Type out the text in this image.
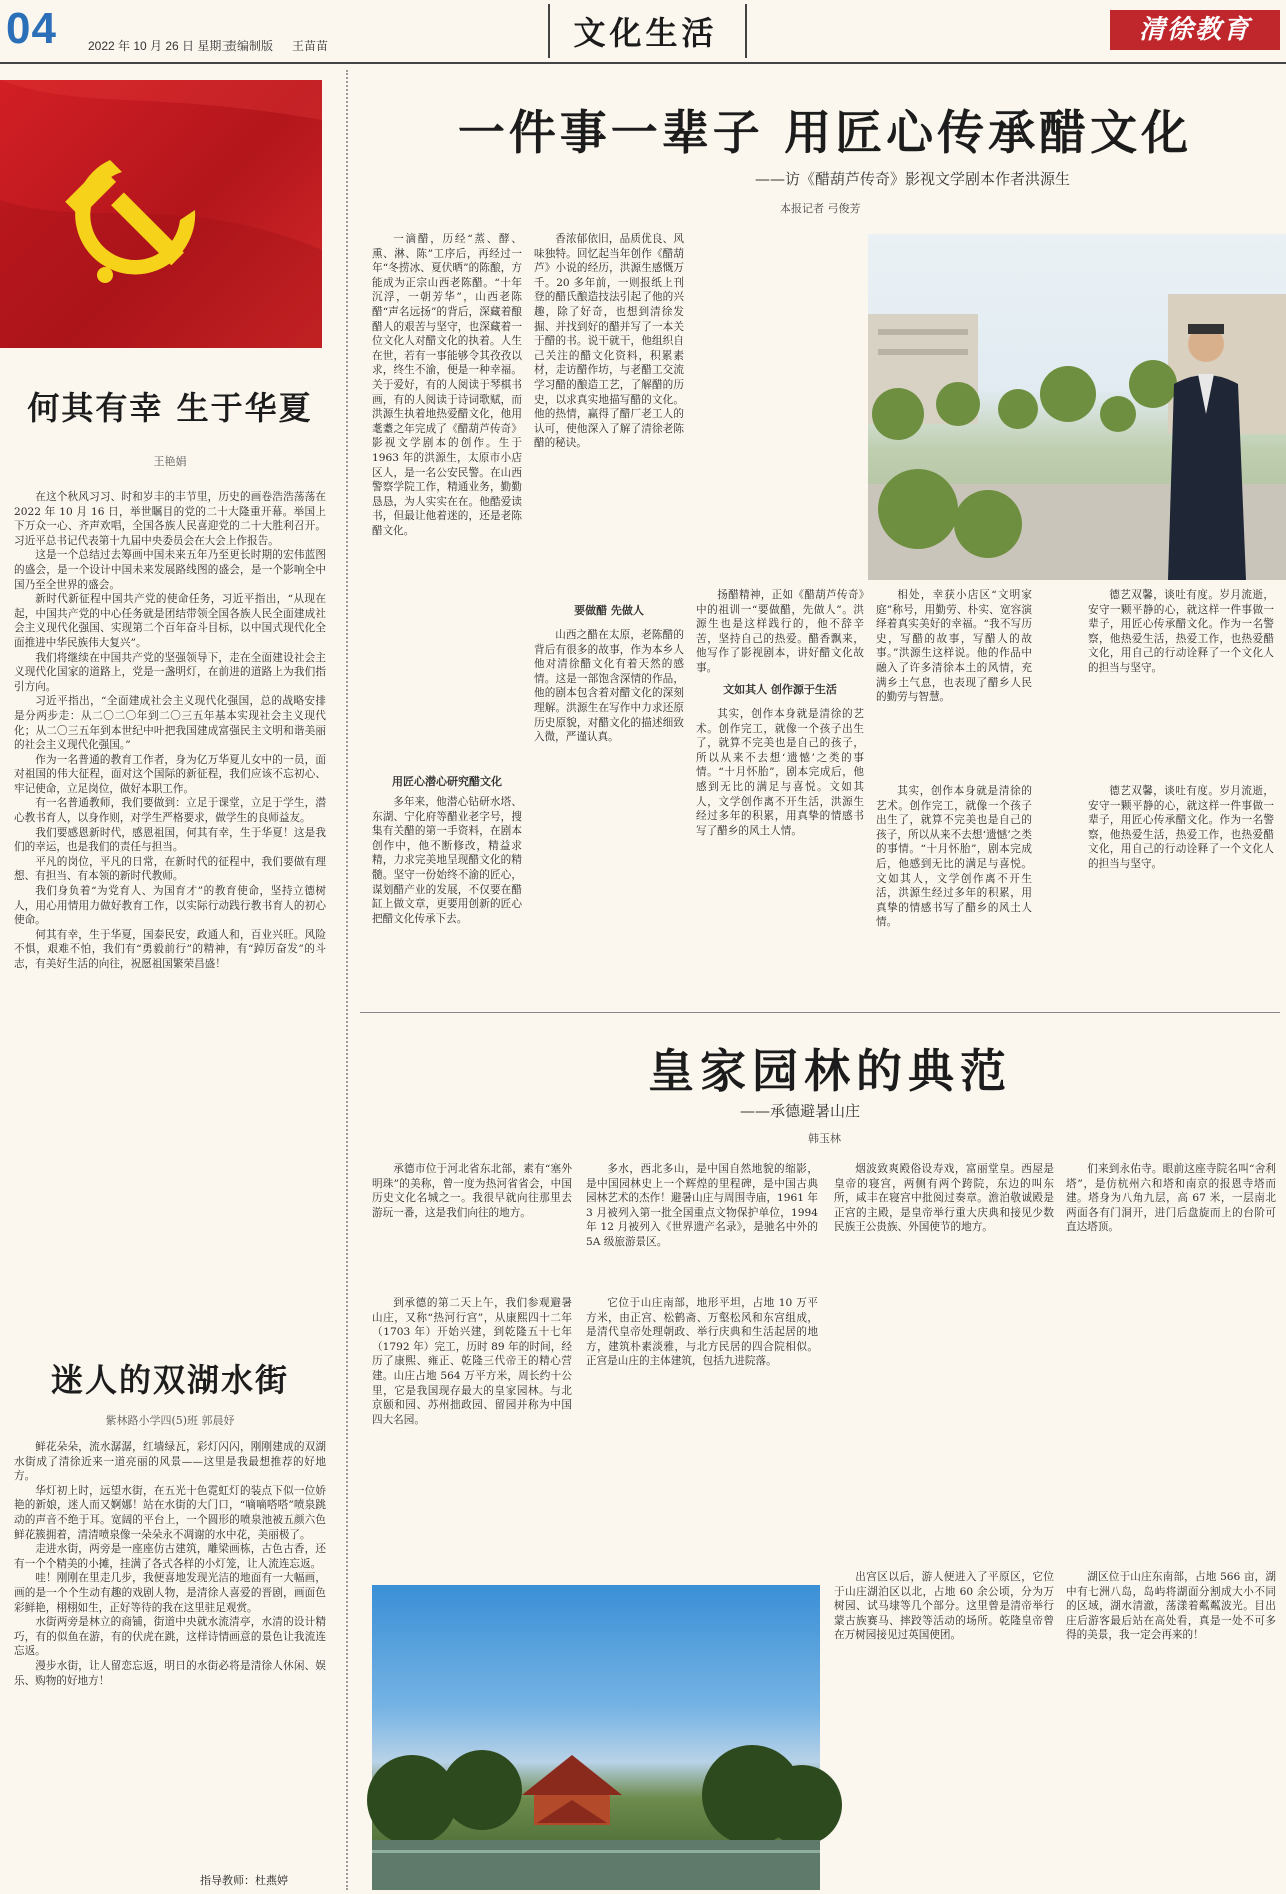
04	2022 年 10 月 26 日 星期三
责编制版 王苗苗	文化生活	清徐教育
何其有幸 生于华夏
王艳娟

在这个秋风习习、时和岁丰的丰节里，历史的画卷浩浩荡荡在 2022 年 10 月 16 日，举世瞩目的党的二十大隆重开幕。举国上下万众一心、齐声欢唱，全国各族人民喜迎党的二十大胜利召开。习近平总书记代表第十九届中央委员会在大会上作报告。

这是一个总结过去筹画中国未来五年乃至更长时期的宏伟蓝图的盛会，是一个设计中国未来发展路线图的盛会，是一个影响全中国乃至全世界的盛会。

新时代新征程中国共产党的使命任务，习近平指出，“从现在起，中国共产党的中心任务就是团结带领全国各族人民全面建成社会主义现代化强国、实现第二个百年奋斗目标，以中国式现代化全面推进中华民族伟大复兴”。

我们将继续在中国共产党的坚强领导下，走在全面建设社会主义现代化国家的道路上，党是一盏明灯，在前进的道路上为我们指引方向。

习近平指出，“全面建成社会主义现代化强国，总的战略安排是分两步走：从二〇二〇年到二〇三五年基本实现社会主义现代化；从二〇三五年到本世纪中叶把我国建成富强民主文明和谐美丽的社会主义现代化强国。”

作为一名普通的教育工作者，身为亿万华夏儿女中的一员，面对祖国的伟大征程，面对这个国际的新征程，我们应该不忘初心、牢记使命，立足岗位，做好本职工作。

有一名普通教师，我们要做到：立足于课堂，立足于学生，潜心教书育人，以身作则，对学生严格要求，做学生的良师益友。

我们要感恩新时代，感恩祖国，何其有幸，生于华夏！这是我们的幸运，也是我们的责任与担当。

平凡的岗位，平凡的日常，在新时代的征程中，我们要做有理想、有担当、有本领的新时代教师。

我们身负着“为党育人、为国育才”的教育使命，坚持立德树人，用心用情用力做好教育工作，以实际行动践行教书育人的初心使命。

何其有幸，生于华夏，国泰民安，政通人和，百业兴旺。风险不惧，艰难不怕，我们有“勇毅前行”的精神，有“踔厉奋发”的斗志，有美好生活的向往，祝愿祖国繁荣昌盛！

迷人的双湖水街
紫林路小学四(5)班 郭晨妤

鲜花朵朵，流水潺潺，红墙绿瓦，彩灯闪闪，刚刚建成的双湖水街成了清徐近来一道亮丽的风景——这里是我最想推荐的好地方。

华灯初上时，远望水街，在五光十色霓虹灯的装点下似一位娇艳的新娘，迷人而又婀娜！站在水街的大门口，“嘀嘀嗒嗒”喷泉跳动的声音不绝于耳。宽阔的平台上，一个圆形的喷泉池被五颜六色鲜花簇拥着，清清喷泉像一朵朵永不凋谢的水中花，美丽极了。

走进水街，两旁是一座座仿古建筑，雕梁画栋，古色古香，还有一个个精美的小摊，挂满了各式各样的小灯笼，让人流连忘返。

哇！刚刚在里走几步，我便喜地发现光洁的地面有一大幅画，画的是一个个生动有趣的戏剧人物，是清徐人喜爱的晋剧，画面色彩鲜艳，栩栩如生，正好等待的我在这里驻足观赏。

水街两旁是林立的商铺，街道中央就水流清亭，水清的设计精巧，有的似鱼在游，有的伏虎在跳，这样诗情画意的景色让我流连忘返。

漫步水街，让人留恋忘返，明日的水街必将是清徐人休闲、娱乐、购物的好地方！

指导教师：杜燕婷
一件事一辈子 用匠心传承醋文化
——访《醋葫芦传奇》影视文学剧本作者洪源生
本报记者 弓俊芳

一滴醋，历经“蒸、酵、熏、淋、陈”工序后，再经过一年“冬捞冰、夏伏晒”的陈酿，方能成为正宗山西老陈醋。“十年沉浮，一朝芳华”，山西老陈醋“声名远扬”的背后，深藏着酿醋人的艰苦与坚守，也深藏着一位文化人对醋文化的执着。人生在世，若有一事能够令其孜孜以求，终生不渝，便是一种幸福。关于爱好，有的人阅读于琴棋书画，有的人阅读于诗词歌赋，而洪源生执着地热爱醋文化，他用耄耋之年完成了《醋葫芦传奇》影视文学剧本的创作。生于 1963 年的洪源生，太原市小店区人，是一名公安民警。在山西警察学院工作，精通业务，勤勤恳恳，为人实实在在。他酷爱读书，但最让他着迷的，还是老陈醋文化。

用匠心潜心研究醋文化

多年来，他潜心钻研水塔、东湖、宁化府等醋业老字号，搜集有关醋的第一手资料，在剧本创作中，他不断修改，精益求精，力求完美地呈现醋文化的精髓。坚守一份始终不渝的匠心，谋划醋产业的发展，不仅要在醋缸上做文章，更要用创新的匠心把醋文化传承下去。

香浓郁依旧，品质优良、风味独特。回忆起当年创作《醋葫芦》小说的经历，洪源生感慨万千。20 多年前，一则报纸上刊登的醋氏酿造技法引起了他的兴趣，除了好奇，也想到清徐发掘、并找到好的醋并写了一本关于醋的书。说干就干，他组织自己关注的醋文化资料，积累素材，走访醋作坊，与老醋工交流学习醋的酿造工艺，了解醋的历史，以求真实地描写醋的文化。他的热情，赢得了醋厂老工人的认可，使他深入了解了清徐老陈醋的秘诀。

要做醋 先做人

山西之醋在太原，老陈醋的背后有很多的故事，作为本乡人他对清徐醋文化有着天然的感情。这是一部饱含深情的作品，他的剧本包含着对醋文化的深刻理解。洪源生在写作中力求还原历史原貌，对醋文化的描述细致入微，严谨认真。

扬醋精神，正如《醋葫芦传奇》中的祖训一“要做醋，先做人”。洪源生也是这样践行的，他不辞辛苦，坚持自己的热爱。醋香飘来，他写作了影视剧本，讲好醋文化故事。

文如其人 创作源于生活

其实，创作本身就是清徐的艺术。创作完工，就像一个孩子出生了，就算不完美也是自己的孩子，所以从来不去想‘遗憾’之类的事情。“十月怀胎”，剧本完成后，他感到无比的满足与喜悦。文如其人，文学创作离不开生活，洪源生经过多年的积累，用真挚的情感书写了醋乡的风土人情。

相处，幸获小店区“文明家庭”称号，用勤劳、朴实、宽容演绎着真实美好的幸福。“我不写历史，写醋的故事，写醋人的故事。”洪源生这样说。他的作品中融入了许多清徐本土的风情，充满乡土气息，也表现了醋乡人民的勤劳与智慧。

德艺双馨，谈吐有度。岁月流逝，安守一颗平静的心，就这样一件事做一辈子，用匠心传承醋文化。作为一名警察，他热爱生活，热爱工作，也热爱醋文化，用自己的行动诠释了一个文化人的担当与坚守。

德艺双馨，谈吐有度。岁月流逝，安守一颗平静的心，就这样一件事做一辈子，用匠心传承醋文化。作为一名警察，他热爱生活，热爱工作，也热爱醋文化，用自己的行动诠释了一个文化人的担当与坚守。

其实，创作本身就是清徐的艺术。创作完工，就像一个孩子出生了，就算不完美也是自己的孩子，所以从来不去想‘遗憾’之类的事情。“十月怀胎”，剧本完成后，他感到无比的满足与喜悦。文如其人，文学创作离不开生活，洪源生经过多年的积累，用真挚的情感书写了醋乡的风土人情。

皇家园林的典范
——承德避暑山庄
韩玉林

承德市位于河北省东北部，素有“塞外明珠”的美称，曾一度为热河省省会，中国历史文化名城之一。我很早就向往那里去游玩一番，这是我们向往的地方。

到承德的第二天上午，我们参观避暑山庄，又称“热河行宫”，从康熙四十二年（1703 年）开始兴建，到乾隆五十七年（1792 年）完工，历时 89 年的时间，经历了康熙、雍正、乾隆三代帝王的精心营建。山庄占地 564 万平方米，周长约十公里，它是我国现存最大的皇家园林。与北京颐和园、苏州拙政园、留园并称为中国四大名园。

多水，西北多山，是中国自然地貌的缩影，是中国园林史上一个辉煌的里程碑，是中国古典园林艺术的杰作！避暑山庄与周围寺庙，1961 年 3 月被列入第一批全国重点文物保护单位，1994 年 12 月被列入《世界遗产名录》，是驰名中外的 5A 级旅游景区。

它位于山庄南部，地形平坦，占地 10 万平方米，由正宫、松鹤斋、万壑松风和东宫组成，是清代皇帝处理朝政、举行庆典和生活起居的地方，建筑朴素淡雅，与北方民居的四合院相似。正宫是山庄的主体建筑，包括九进院落。

烟波致爽殿俗设寿戏，富丽堂皇。西屋是皇帝的寝宫，两侧有两个跨院，东边的叫东所，咸丰在寝宫中批阅过奏章。澹泊敬诚殿是正宫的主殿，是皇帝举行重大庆典和接见少数民族王公贵族、外国使节的地方。

出宫区以后，游人便进入了平原区，它位于山庄湖泊区以北，占地 60 余公顷，分为万树园、试马埭等几个部分。这里曾是清帝举行蒙古族赛马、摔跤等活动的场所。乾隆皇帝曾在万树园接见过英国使团。

们来到永佑寺。眼前这座寺院名叫“舍利塔”，是仿杭州六和塔和南京的报恩寺塔而建。塔身为八角九层，高 67 米，一层南北两面各有门洞开，进门后盘旋而上的台阶可直达塔顶。

湖区位于山庄东南部，占地 566 亩，湖中有七洲八岛，岛屿将湖面分割成大小不同的区域，湖水清澈，荡漾着粼粼波光。目出庄后游客最后站在高处看，真是一处不可多得的美景，我一定会再来的！
